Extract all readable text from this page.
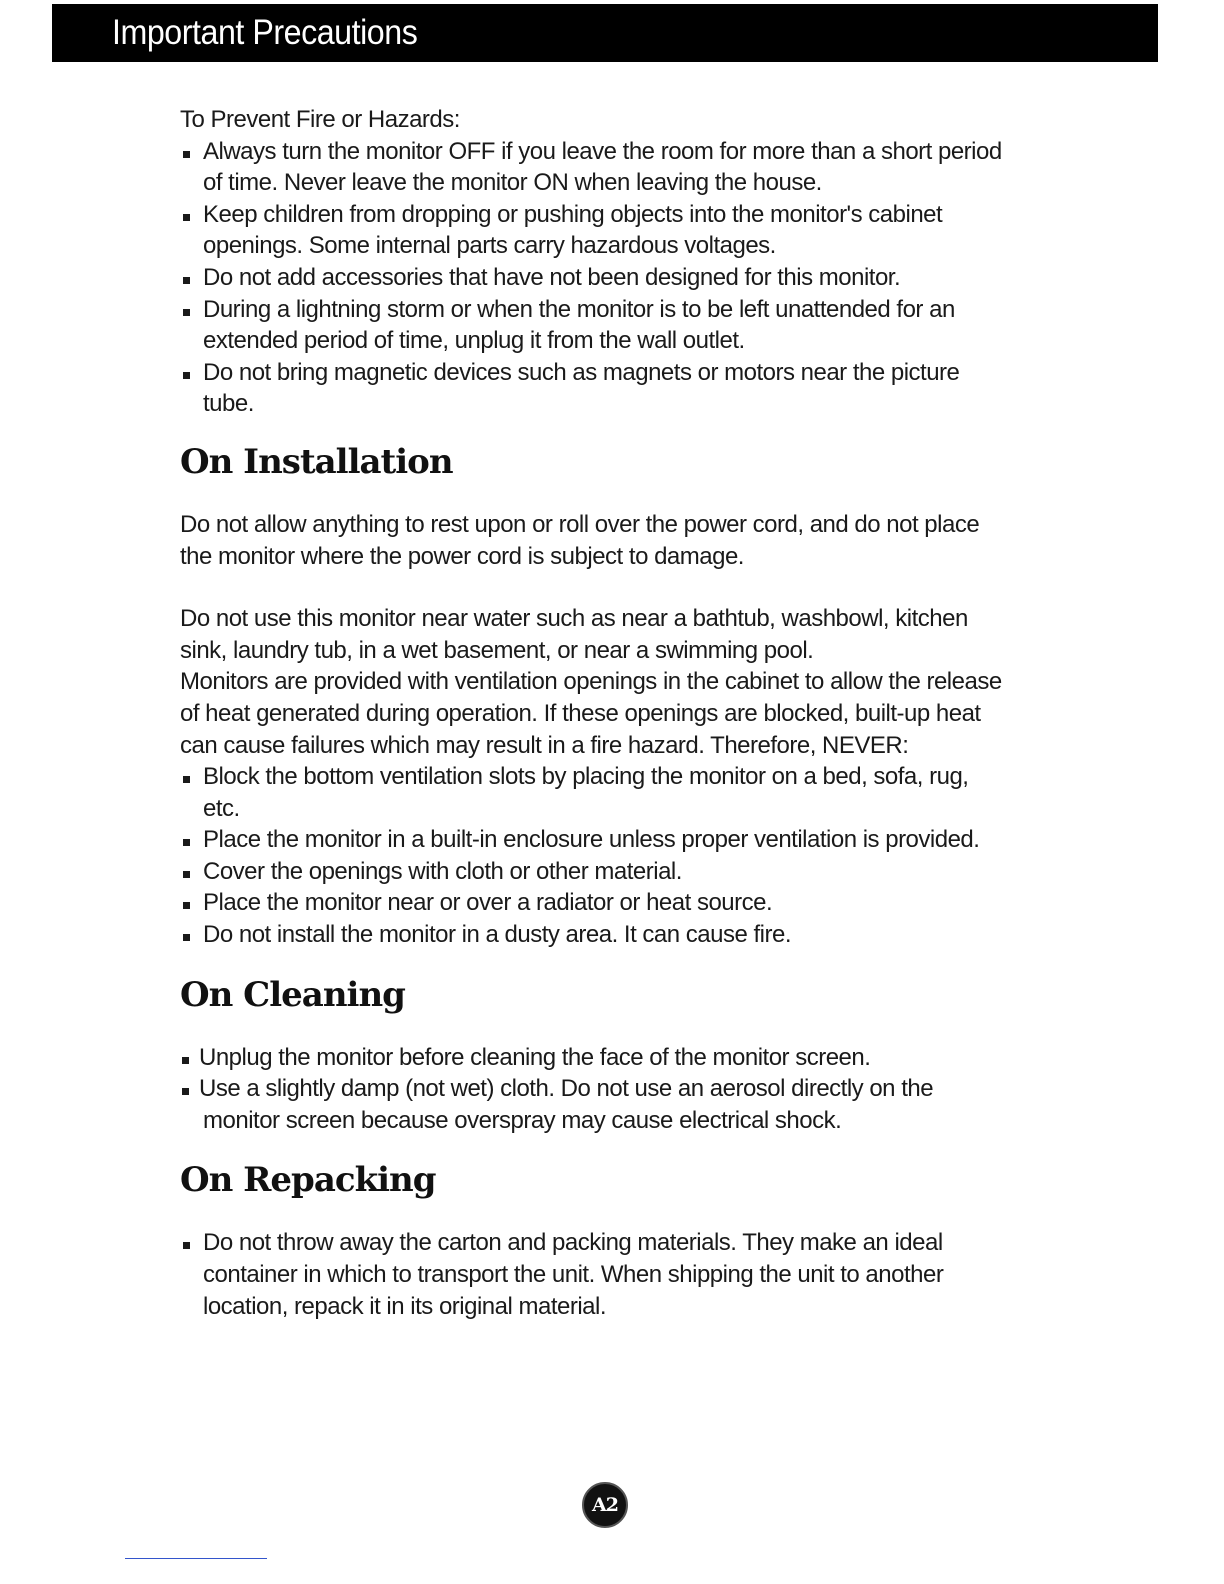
Important Precautions
To Prevent Fire or Hazards:
Always turn the monitor OFF if you leave the room for more than a short period
of time. Never leave the monitor ON when leaving the house.
Keep children from dropping or pushing objects into the monitor's cabinet
openings. Some internal parts carry hazardous voltages.
Do not add accessories that have not been designed for this monitor.
During a lightning storm or when the monitor is to be left unattended for an
extended period of time, unplug it from the wall outlet.
Do not bring magnetic devices such as magnets or motors near the picture
tube.
On Installation
Do not allow anything to rest upon or roll over the power cord, and do not place
the monitor where the power cord is subject to damage.
Do not use this monitor near water such as near a bathtub, washbowl, kitchen
sink, laundry tub, in a wet basement, or near a swimming pool.
Monitors are provided with ventilation openings in the cabinet to allow the release
of heat generated during operation. If these openings are blocked, built-up heat
can cause failures which may result in a fire hazard. Therefore, NEVER:
Block the bottom ventilation slots by placing the monitor on a bed, sofa, rug,
etc.
Place the monitor in a built-in enclosure unless proper ventilation is provided.
Cover the openings with cloth or other material.
Place the monitor near or over a radiator or heat source.
Do not install the monitor in a dusty area. It can cause fire.
On Cleaning
Unplug the monitor before cleaning the face of the monitor screen.
Use a slightly damp (not wet) cloth. Do not use an aerosol directly on the
monitor screen because overspray may cause electrical shock.
On Repacking
Do not throw away the carton and packing materials. They make an ideal
container in which to transport the unit. When shipping the unit to another
location, repack it in its original material.
A2
